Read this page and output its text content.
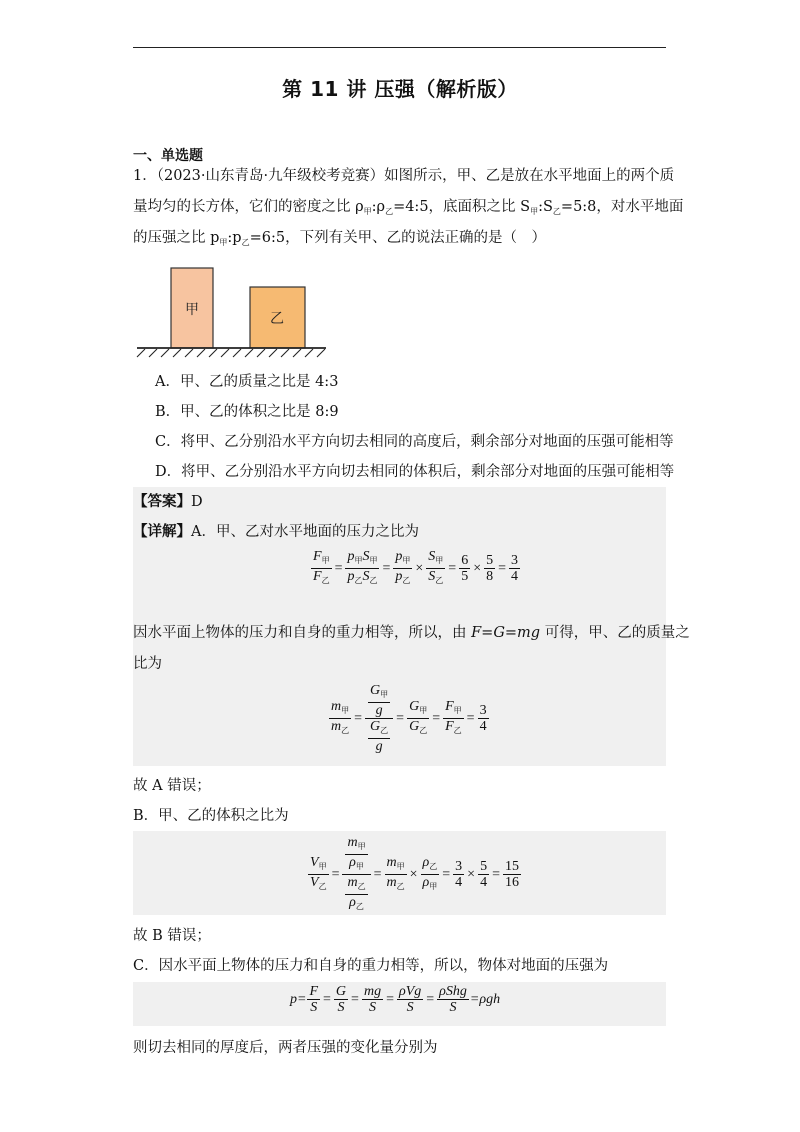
第 11 讲 压强（解析版）
一、单选题
1．（2023·山东青岛·九年级校考竞赛）如图所示，甲、乙是放在水平地面上的两个质
量均匀的长方体，它们的密度之比 $\rho_甲:\rho_乙=4:5$，底面积之比 $S_甲:S_乙=5:8$，对水平地面
的压强之比 $p_甲:p_乙=6:5$，下列有关甲、乙的说法正确的是（　）
甲
乙
A．甲、乙的质量之比是 4:3
B．甲、乙的体积之比是 8:9
C．将甲、乙分别沿水平方向切去相同的高度后，剩余部分对地面的压强可能相等
D．将甲、乙分别沿水平方向切去相同的体积后，剩余部分对地面的压强可能相等
【答案】D
【详解】A．甲、乙对水平地面的压力之比为
$\frac{F_甲}{F_乙} = \frac{p_甲S_甲}{p_乙S_乙} = \frac{p_甲}{p_乙} \times \frac{S_甲}{S_乙} = \frac{6}{5} \times \frac{5}{8} = \frac{3}{4}$
因水平面上物体的压力和自身的重力相等，所以，由 F=G=mg 可得，甲、乙的质量之
比为
$\frac{m_甲}{m_乙} = \frac{\frac{G_甲}{g}}{\frac{G_乙}{g}} = \frac{G_甲}{G_乙} = \frac{F_甲}{F_乙} = \frac{3}{4}$
故 A 错误；
B．甲、乙的体积之比为
$\frac{V_甲}{V_乙} = \frac{\frac{m_甲}{\rho_甲}}{\frac{m_乙}{\rho_乙}} = \frac{m_甲}{m_乙} \times \frac{\rho_乙}{\rho_甲} = \frac{3}{4} \times \frac{5}{4} = \frac{15}{16}$
故 B 错误；
C．因水平面上物体的压力和自身的重力相等，所以，物体对地面的压强为
$p= \frac{F}{S} = \frac{G}{S} = \frac{mg}{S} = \frac{\text{ρVg}}{S} = \frac{\text{ρShg}}{S} =\rho gh$
则切去相同的厚度后，两者压强的变化量分别为
